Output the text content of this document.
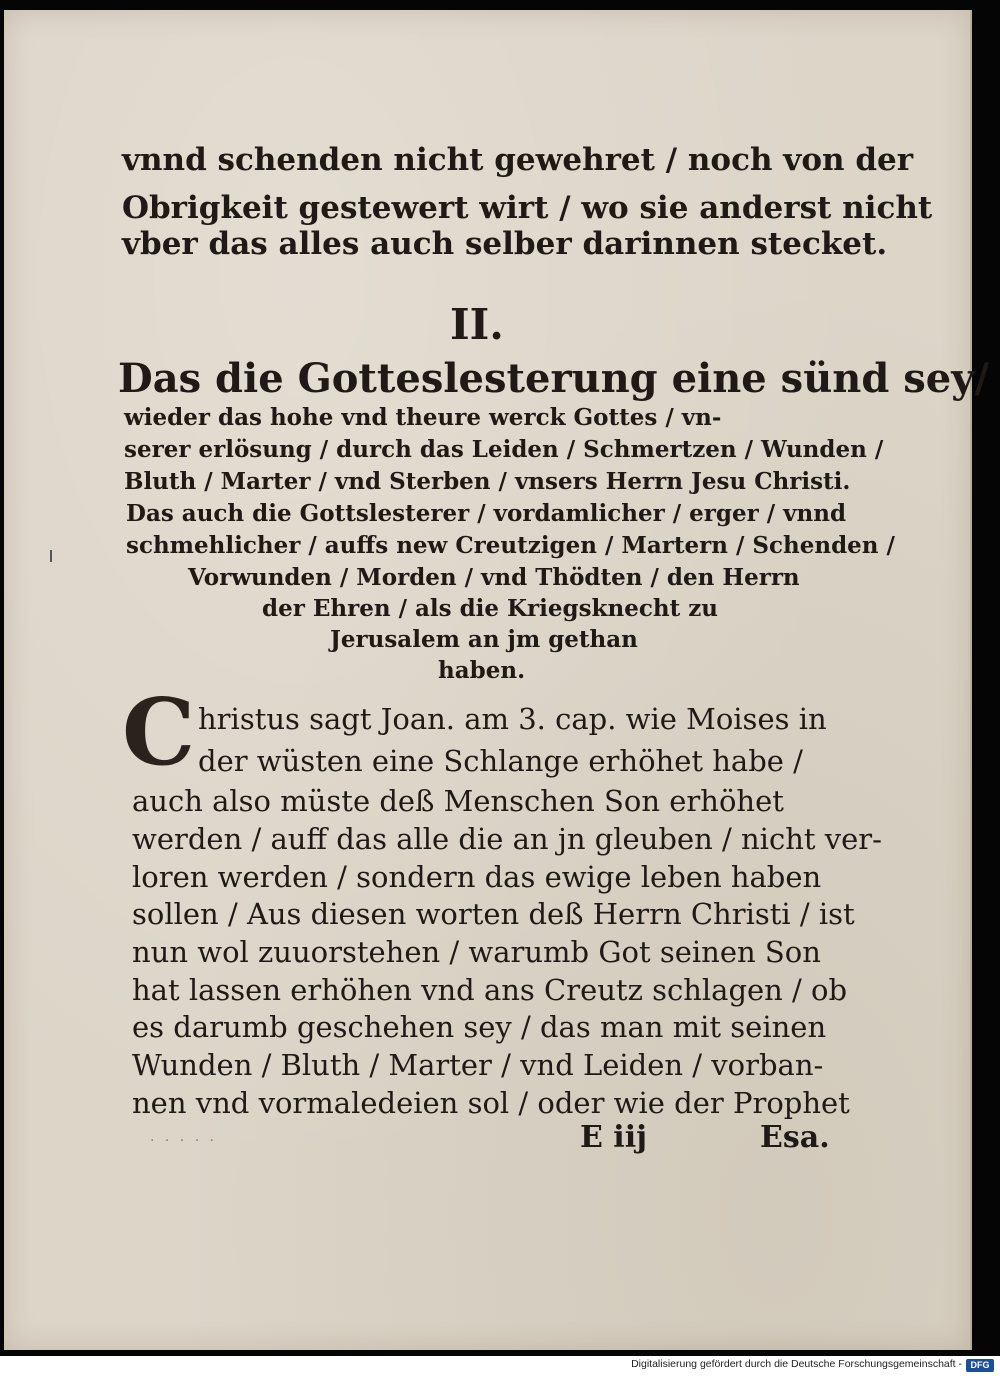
vnnd schenden nicht gewehret / noch von der
Obrigkeit gestewert wirt / wo sie anderst nicht
vber das alles auch selber darinnen stecket.
II.
Das die Gotteslesterung eine sünd sey/
wieder das hohe vnd theure werck Gottes / vn-
serer erlösung / durch das Leiden / Schmertzen / Wunden /
Bluth / Marter / vnd Sterben / vnsers Herrn Jesu Christi.
Das auch die Gottslesterer / vordamlicher / erger / vnnd
schmehlicher / auffs new Creutzigen / Martern / Schenden /
Vorwunden / Morden / vnd Thödten / den Herrn
der Ehren / als die Kriegsknecht zu
Jerusalem an jm gethan
haben.
C hristus sagt Joan. am 3. cap. wie Moises in
der wüsten eine Schlange erhöhet habe /
auch also müste deß Menschen Son erhöhet
werden / auff das alle die an jn gleuben / nicht ver-
loren werden / sondern das ewige leben haben
sollen / Aus diesen worten deß Herrn Christi / ist
nun wol zuuorstehen / warumb Got seinen Son
hat lassen erhöhen vnd ans Creutz schlagen / ob
es darumb geschehen sey / das man mit seinen
Wunden / Bluth / Marter / vnd Leiden / vorban-
nen vnd vormaledeien sol / oder wie der Prophet
· · · · ·	E iij	Esa.
Digitalisierung gefördert durch die Deutsche Forschungsgemeinschaft - DFG
